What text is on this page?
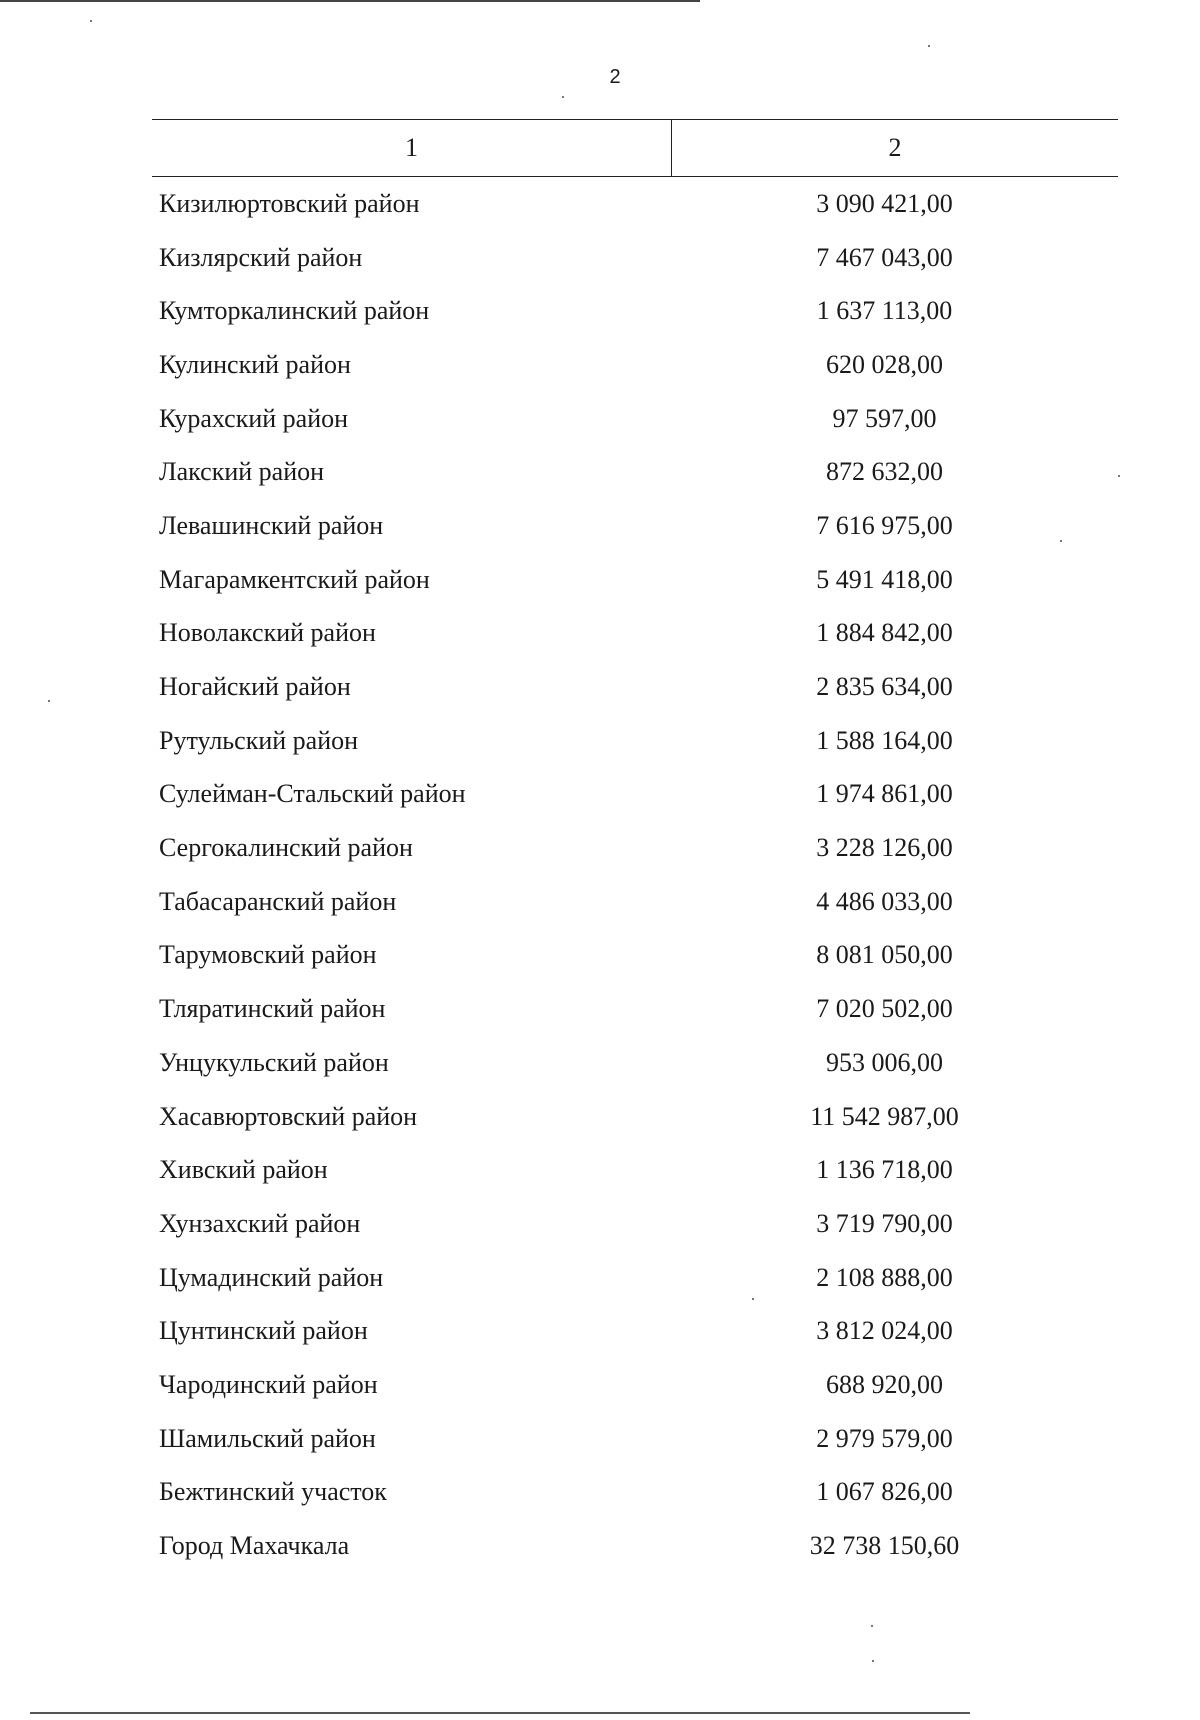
2
1	2
Кизилюртовский район	3 090 421,00
Кизлярский район	7 467 043,00
Кумторкалинский район	1 637 113,00
Кулинский район	620 028,00
Курахский район	97 597,00
Лакский район	872 632,00
Левашинский район	7 616 975,00
Магарамкентский район	5 491 418,00
Новолакский район	1 884 842,00
Ногайский район	2 835 634,00
Рутульский район	1 588 164,00
Сулейман-Стальский район	1 974 861,00
Сергокалинский район	3 228 126,00
Табасаранский район	4 486 033,00
Тарумовский район	8 081 050,00
Тляратинский район	7 020 502,00
Унцукульский район	953 006,00
Хасавюртовский район	11 542 987,00
Хивский район	1 136 718,00
Хунзахский район	3 719 790,00
Цумадинский район	2 108 888,00
Цунтинский район	3 812 024,00
Чародинский район	688 920,00
Шамильский район	2 979 579,00
Бежтинский участок	1 067 826,00
Город Махачкала	32 738 150,60
